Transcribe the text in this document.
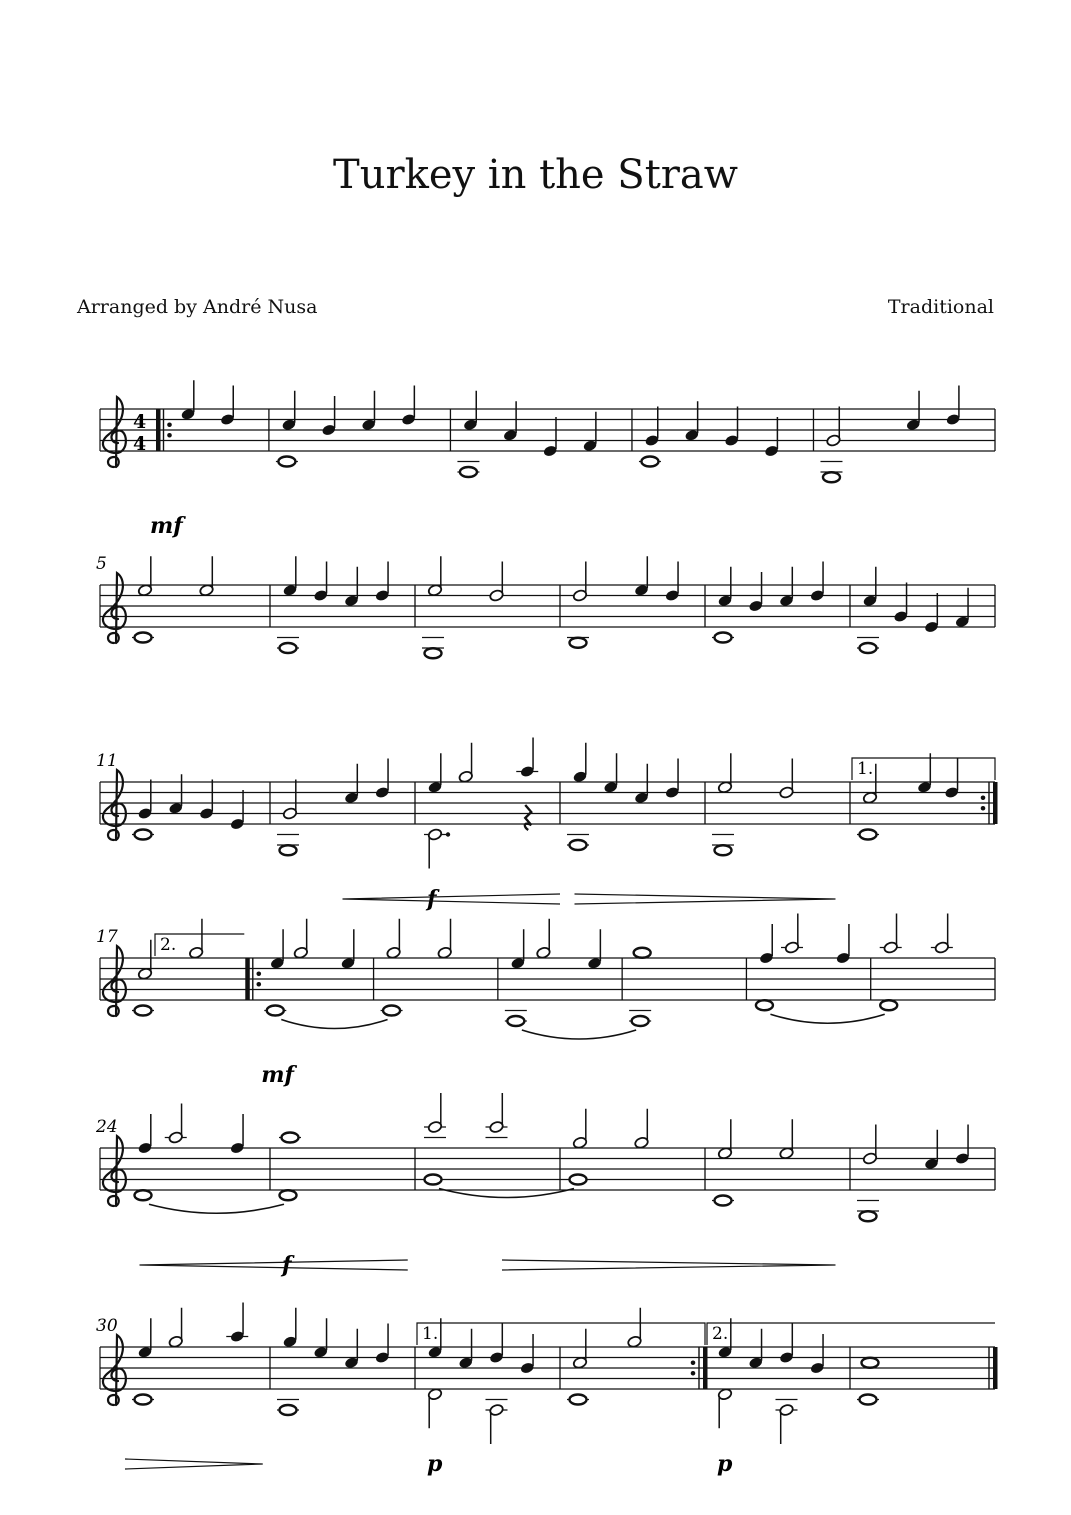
Turkey in the Straw
Arranged by André Nusa	Traditional
4
4
mf
5
11	1.
f
17 2.
mf
24
f
30	1.	2.
p	p
